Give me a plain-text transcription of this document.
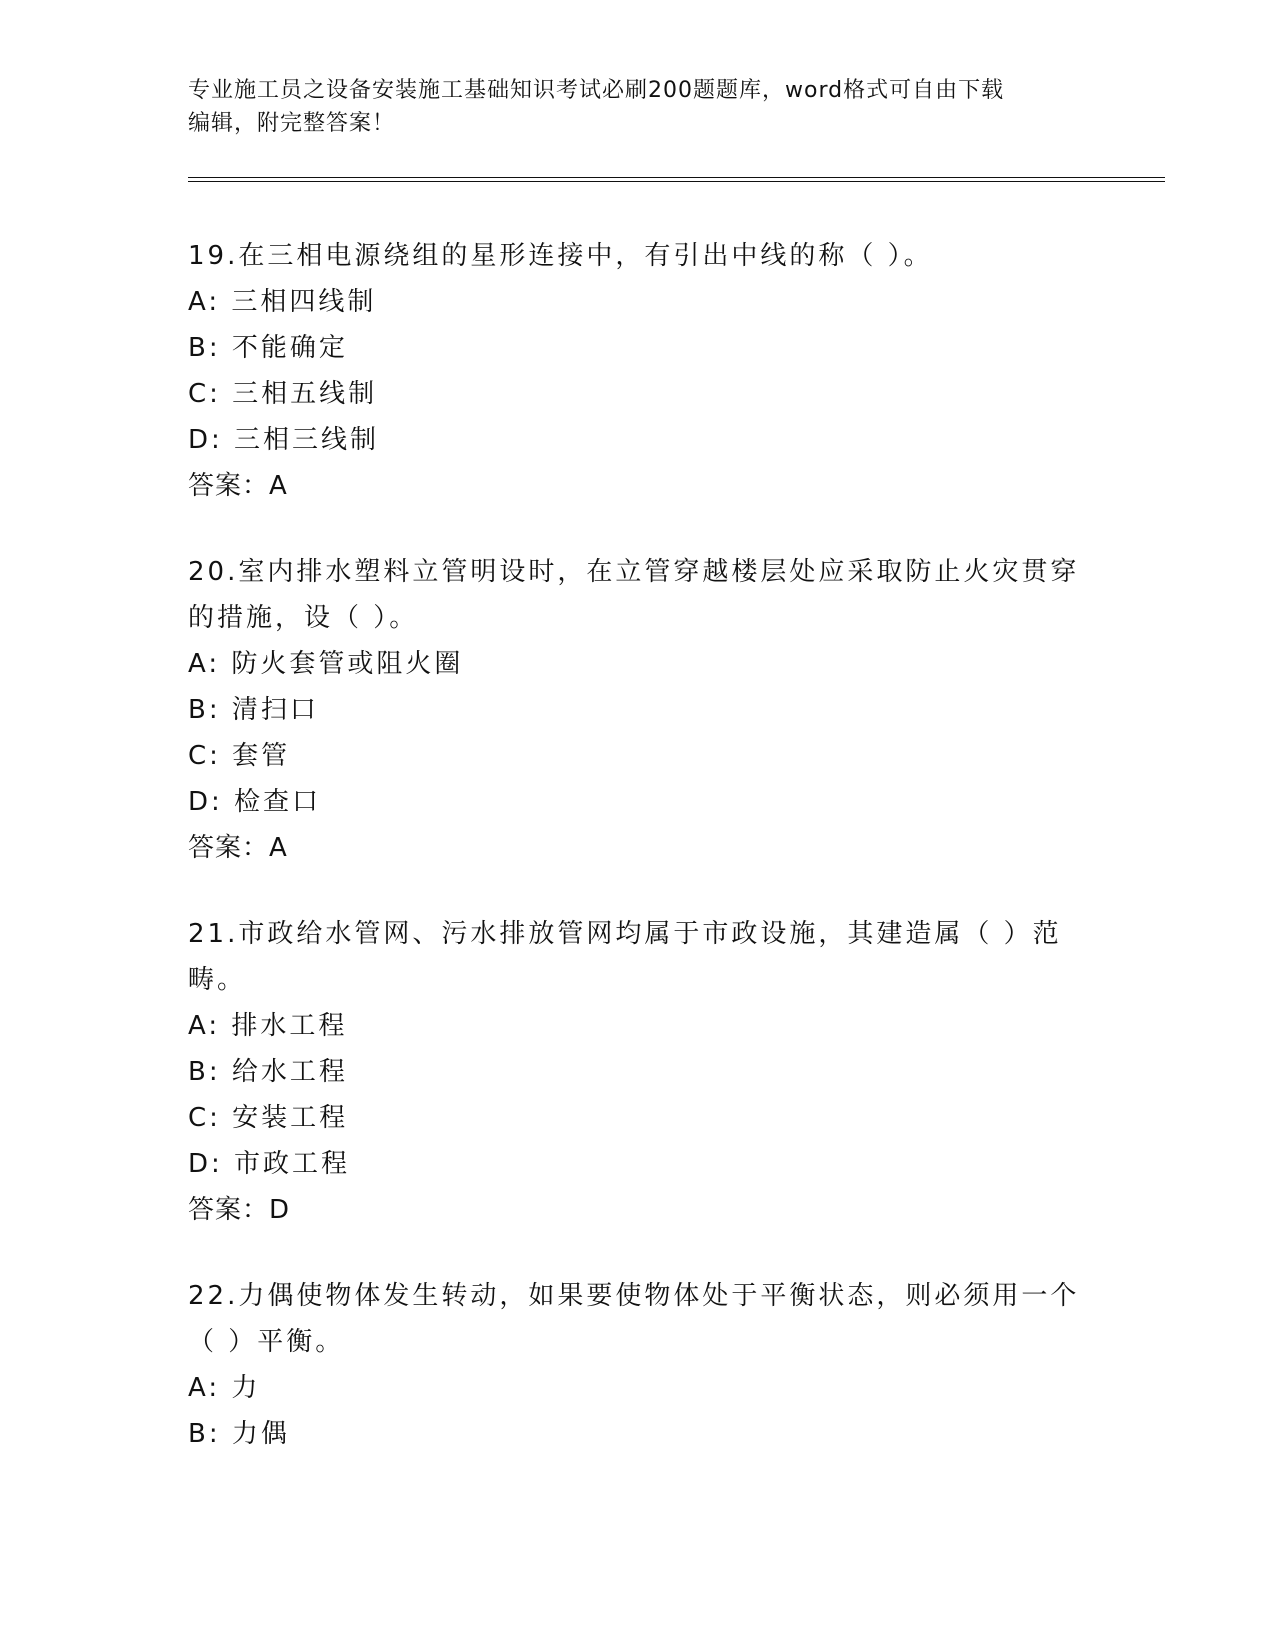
专业施工员之设备安装施工基础知识考试必刷200题题库，word格式可自由下载
编辑，附完整答案！
19.在三相电源绕组的星形连接中，有引出中线的称（ ）。
A: 三相四线制
B: 不能确定
C: 三相五线制
D: 三相三线制
答案：A
20.室内排水塑料立管明设时，在立管穿越楼层处应采取防止火灾贯穿的措施，设（ ）。
A: 防火套管或阻火圈
B: 清扫口
C: 套管
D: 检查口
答案：A
21.市政给水管网、污水排放管网均属于市政设施，其建造属（ ）范畴。
A: 排水工程
B: 给水工程
C: 安装工程
D: 市政工程
答案：D
22.力偶使物体发生转动，如果要使物体处于平衡状态，则必须用一个（ ）平衡。
A: 力
B: 力偶
